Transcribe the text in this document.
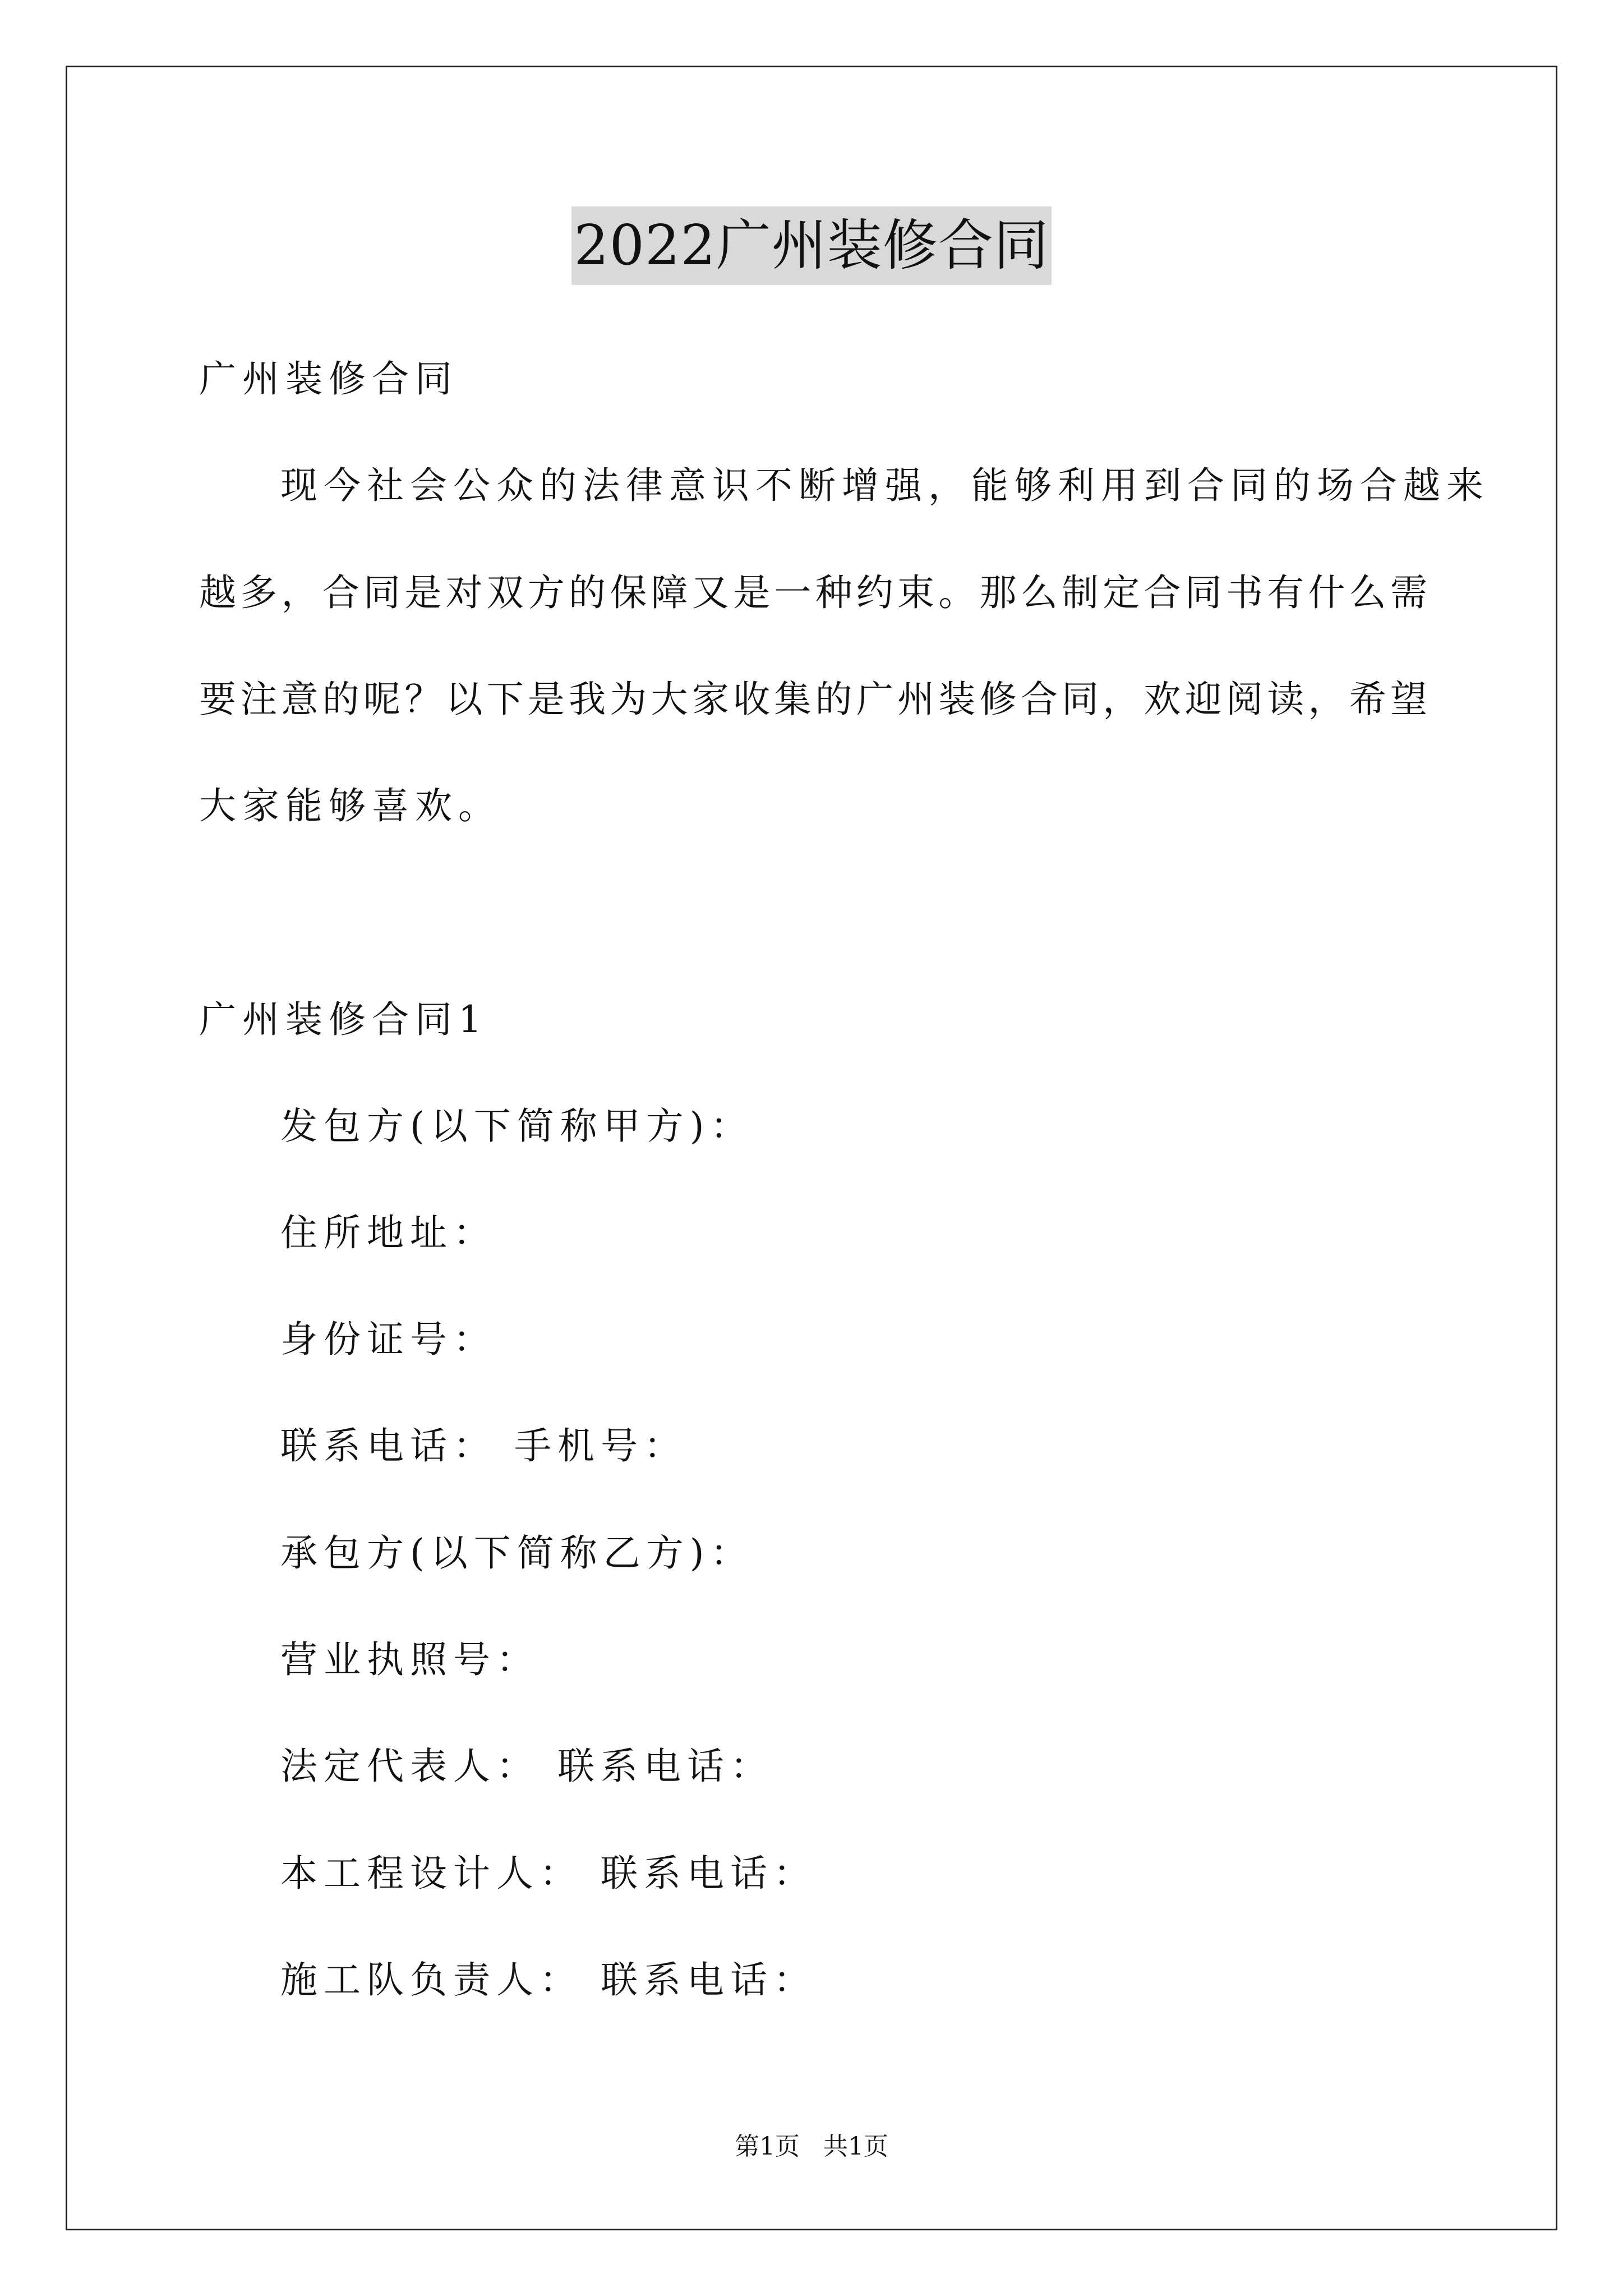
2022广州装修合同
广州装修合同
现今社会公众的法律意识不断增强，能够利用到合同的场合越来
越多，合同是对双方的保障又是一种约束。那么制定合同书有什么需
要注意的呢？以下是我为大家收集的广州装修合同，欢迎阅读，希望
大家能够喜欢。
广州装修合同1
发包方(以下简称甲方)：
住所地址：
身份证号：
联系电话： 手机号：
承包方(以下简称乙方)：
营业执照号：
法定代表人： 联系电话：
本工程设计人： 联系电话：
施工队负责人： 联系电话：
第1页 共1页
